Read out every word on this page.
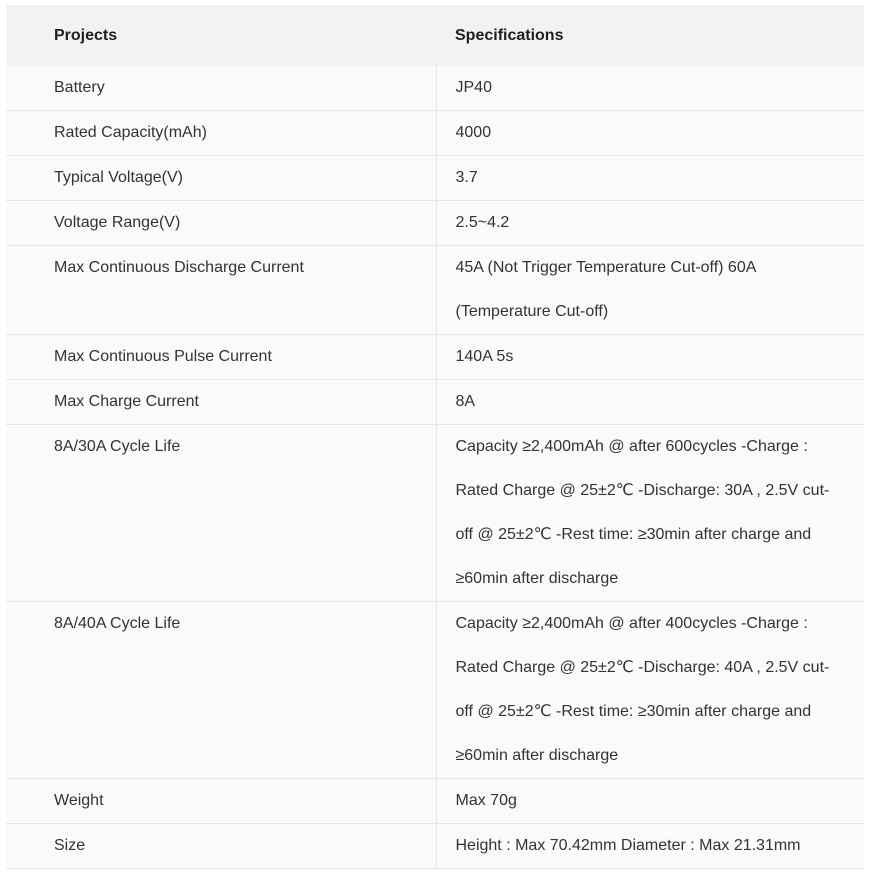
Projects	Specifications
Battery	JP40
Rated Capacity(mAh)	4000
Typical Voltage(V)	3.7
Voltage Range(V)	2.5~4.2
Max Continuous Discharge Current	45A (Not Trigger Temperature Cut-off) 60A (Temperature Cut-off)
Max Continuous Pulse Current	140A 5s
Max Charge Current	8A
8A/30A Cycle Life	Capacity ≥2,400mAh @ after 600cycles -Charge : Rated Charge @ 25±2℃ -Discharge: 30A , 2.5V cut-off @ 25±2℃ -Rest time: ≥30min after charge and ≥60min after discharge
8A/40A Cycle Life	Capacity ≥2,400mAh @ after 400cycles -Charge : Rated Charge @ 25±2℃ -Discharge: 40A , 2.5V cut-off @ 25±2℃ -Rest time: ≥30min after charge and ≥60min after discharge
Weight	Max 70g
Size	Height : Max 70.42mm Diameter : Max 21.31mm
